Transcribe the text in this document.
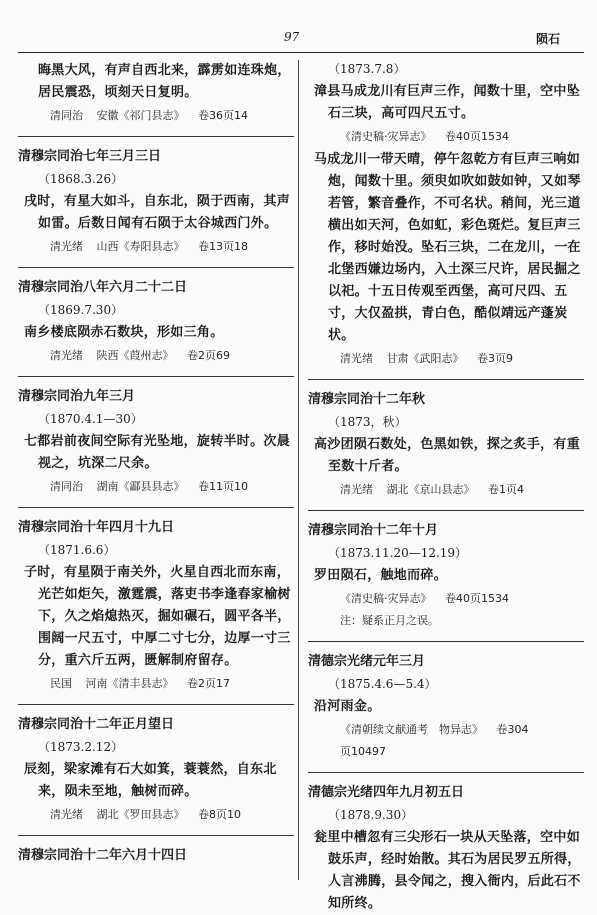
97	陨石

晦黑大风，有声自西北来，霹雳如连珠炮，居民震恐，顷刻天日复明。

清同治 安徽《祁门县志》 卷36页14
清穆宗同治七年三月三日
（1868.3.26）

戌时，有星大如斗，自东北，陨于西南，其声如雷。后数日闻有石陨于太谷城西门外。

清光绪 山西《寿阳县志》 卷13页18
清穆宗同治八年六月二十二日
（1869.7.30）

南乡楼底陨赤石数块，形如三角。

清光绪 陕西《葭州志》 卷2页69
清穆宗同治九年三月
（1870.4.1—30）

七都岩前夜间空际有光坠地，旋转半时。次晨视之，坑深二尺余。

清同治 湖南《酃县县志》 卷11页10
清穆宗同治十年四月十九日
（1871.6.6）

子时，有星陨于南关外，火星自西北而东南，光芒如炬矢，激霆震，落吏书李逢春家榆树下，久之焰熄热灭，掘如碾石，圆平各半，围阔一尺五寸，中厚二寸七分，边厚一寸三分，重六斤五两，匮解制府留存。

民国 河南《清丰县志》 卷2页17
清穆宗同治十二年正月望日
（1873.2.12）

辰刻，梁家滩有石大如箕，蓑蓑然，自东北来，陨未至地，触树而碎。

清光绪 湖北《罗田县志》 卷8页10
清穆宗同治十二年六月十四日
（1873.7.8）

漳县马成龙川有巨声三作，闻数十里，空中坠石三块，高可四尺五寸。

《清史稿·灾异志》 卷40页1534

马成龙川一带天晴，停午忽乾方有巨声三响如炮，闻数十里。须臾如吹如鼓如钟，又如琴若管，繁音叠作，不可名状。稍间，光三道横出如天河，色如虹，彩色斑烂。复巨声三作，移时始没。坠石三块，二在龙川，一在北堡西嫌边场内，入土深三尺许，居民掘之以祀。十五日传观至西堡，高可尺四、五寸，大仅盈拱，青白色，酷似靖远产蓬炭状。

清光绪 甘肃《武阳志》 卷3页9
清穆宗同治十二年秋
（1873，秋）

高沙团陨石数处，色黑如铁，探之炙手，有重至数十斤者。

清光绪 湖北《京山县志》 卷1页4
清穆宗同治十二年十月
（1873.11.20—12.19）

罗田陨石，触地而碎。

《清史稿·灾异志》 卷40页1534
注：疑系正月之误。
清德宗光绪元年三月
（1875.4.6—5.4）

沿河雨金。

《清朝续文献通考　物异志》 卷304
页10497
清德宗光绪四年九月初五日
（1878.9.30）

瓮里中槽忽有三尖形石一块从天坠落，空中如鼓乐声，经时始散。其石为居民罗五所得，人言沸腾，县令闻之，搜入衙内，后此石不知所终。
